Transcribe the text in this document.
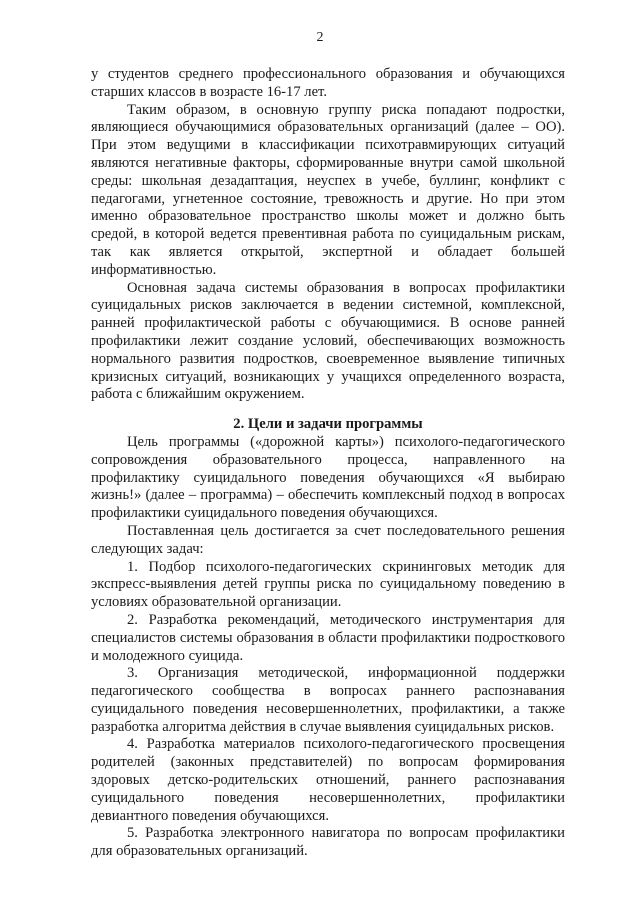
2

у студентов среднего профессионального образования и обучающихся старших классов в возрасте 16-17 лет.

Таким образом, в основную группу риска попадают подростки, являющиеся обучающимися образовательных организаций (далее – ОО). При этом ведущими в классификации психотравмирующих ситуаций являются негативные факторы, сформированные внутри самой школьной среды: школьная дезадаптация, неуспех в учебе, буллинг, конфликт с педагогами, угнетенное состояние, тревожность и другие. Но при этом именно образовательное пространство школы может и должно быть средой, в которой ведется превентивная работа по суицидальным рискам, так как является открытой, экспертной и обладает большей информативностью.

Основная задача системы образования в вопросах профилактики суицидальных рисков заключается в ведении системной, комплексной, ранней профилактической работы с обучающимися. В основе ранней профилактики лежит создание условий, обеспечивающих возможность нормального развития подростков, своевременное выявление типичных кризисных ситуаций, возникающих у учащихся определенного возраста, работа с ближайшим окружением.

2. Цели и задачи программы

Цель программы («дорожной карты») психолого-педагогического сопровождения образовательного процесса, направленного на профилактику суицидального поведения обучающихся «Я выбираю жизнь!» (далее – программа) – обеспечить комплексный подход в вопросах профилактики суицидального поведения обучающихся.

Поставленная цель достигается за счет последовательного решения следующих задач:

1. Подбор психолого-педагогических скрининговых методик для экспресс-выявления детей группы риска по суицидальному поведению в условиях образовательной организации.

2. Разработка рекомендаций, методического инструментария для специалистов системы образования в области профилактики подросткового и молодежного суицида.

3. Организация методической, информационной поддержки педагогического сообщества в вопросах раннего распознавания суицидального поведения несовершеннолетних, профилактики, а также разработка алгоритма действия в случае выявления суицидальных рисков.

4. Разработка материалов психолого-педагогического просвещения родителей (законных представителей) по вопросам формирования здоровых детско-родительских отношений, раннего распознавания суицидального поведения несовершеннолетних, профилактики девиантного поведения обучающихся.

5. Разработка электронного навигатора по вопросам профилактики для образовательных организаций.
